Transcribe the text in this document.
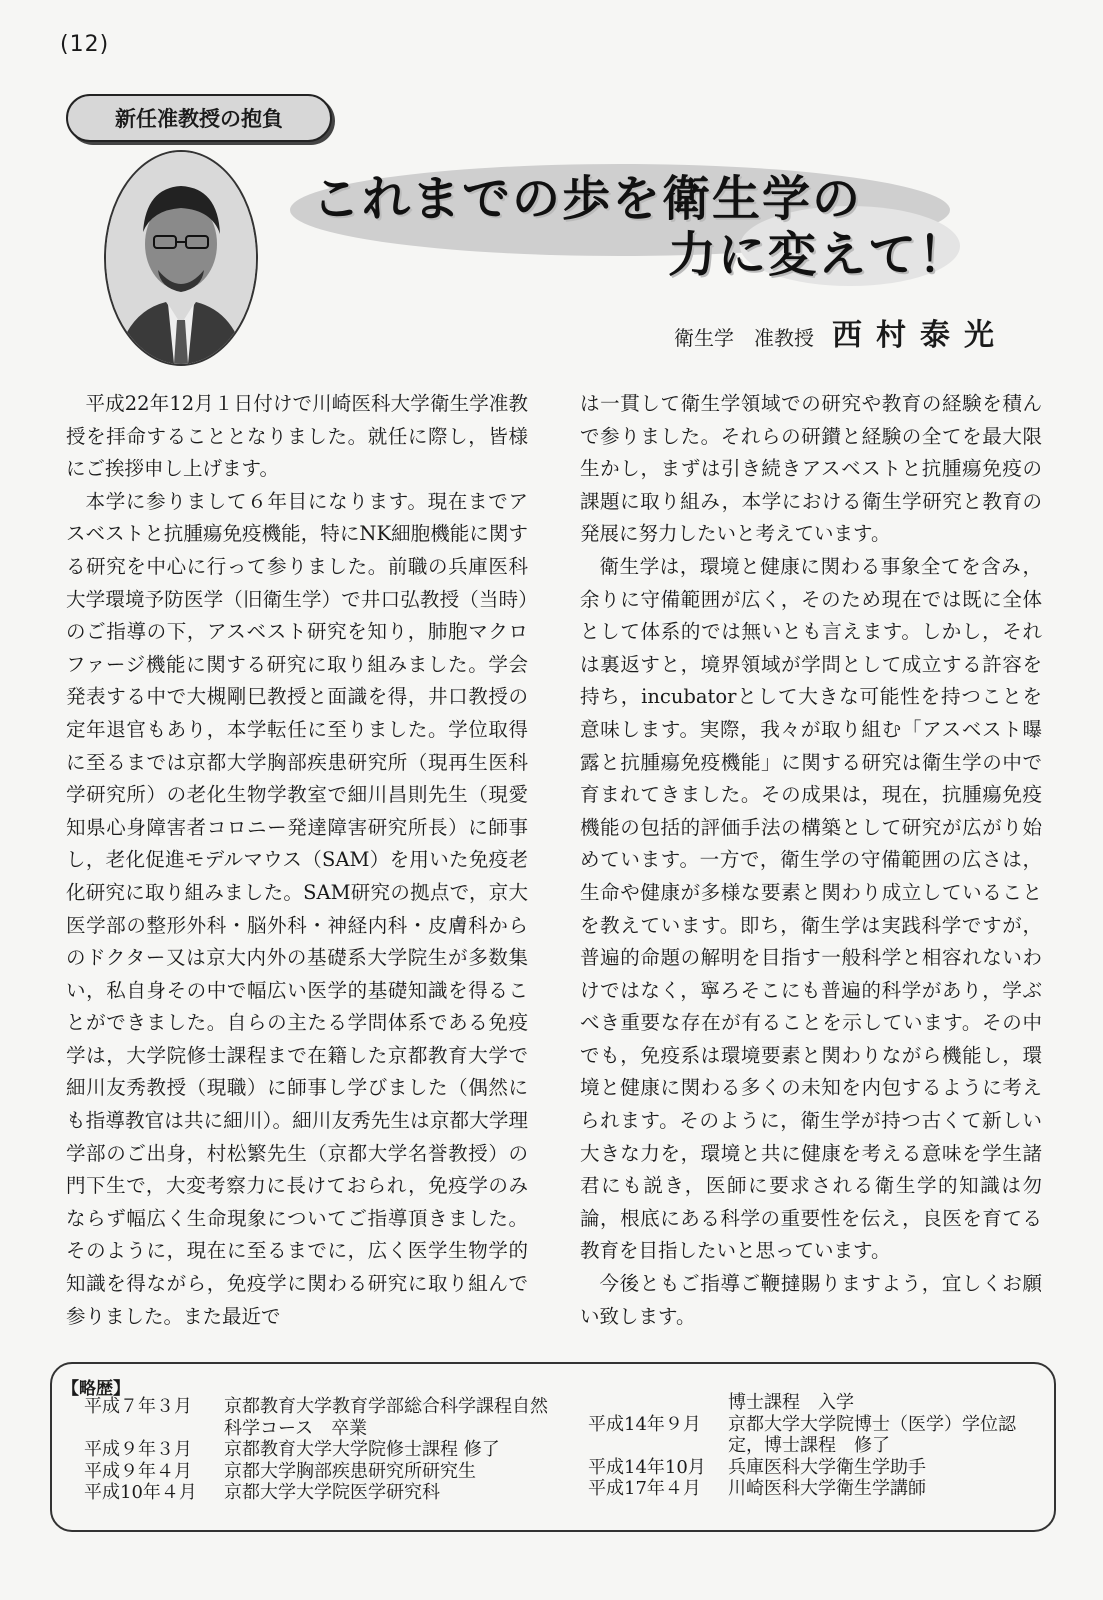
(12)
新任准教授の抱負
これまでの歩を衛生学の
力に変えて！
衛生学　准教授 西村泰光

平成22年12月１日付けで川崎医科大学衛生学准教授を拝命することとなりました。就任に際し，皆様にご挨拶申し上げます。

本学に参りまして６年目になります。現在までアスベストと抗腫瘍免疫機能，特にNK細胞機能に関する研究を中心に行って参りました。前職の兵庫医科大学環境予防医学（旧衛生学）で井口弘教授（当時）のご指導の下，アスベスト研究を知り，肺胞マクロファージ機能に関する研究に取り組みました。学会発表する中で大槻剛巳教授と面識を得，井口教授の定年退官もあり，本学転任に至りました。学位取得に至るまでは京都大学胸部疾患研究所（現再生医科学研究所）の老化生物学教室で細川昌則先生（現愛知県心身障害者コロニー発達障害研究所長）に師事し，老化促進モデルマウス（SAM）を用いた免疫老化研究に取り組みました。SAM研究の拠点で，京大医学部の整形外科・脳外科・神経内科・皮膚科からのドクター又は京大内外の基礎系大学院生が多数集い，私自身その中で幅広い医学的基礎知識を得ることができました。自らの主たる学問体系である免疫学は，大学院修士課程まで在籍した京都教育大学で細川友秀教授（現職）に師事し学びました（偶然にも指導教官は共に細川）。細川友秀先生は京都大学理学部のご出身，村松繁先生（京都大学名誉教授）の門下生で，大変考察力に長けておられ，免疫学のみならず幅広く生命現象についてご指導頂きました。そのように，現在に至るまでに，広く医学生物学的知識を得ながら，免疫学に関わる研究に取り組んで参りました。また最近で

は一貫して衛生学領域での研究や教育の経験を積んで参りました。それらの研鑚と経験の全てを最大限生かし，まずは引き続きアスベストと抗腫瘍免疫の課題に取り組み，本学における衛生学研究と教育の発展に努力したいと考えています。

衛生学は，環境と健康に関わる事象全てを含み，余りに守備範囲が広く，そのため現在では既に全体として体系的では無いとも言えます。しかし，それは裏返すと，境界領域が学問として成立する許容を持ち，incubatorとして大きな可能性を持つことを意味します。実際，我々が取り組む「アスベスト曝露と抗腫瘍免疫機能」に関する研究は衛生学の中で育まれてきました。その成果は，現在，抗腫瘍免疫機能の包括的評価手法の構築として研究が広がり始めています。一方で，衛生学の守備範囲の広さは，生命や健康が多様な要素と関わり成立していることを教えています。即ち，衛生学は実践科学ですが，普遍的命題の解明を目指す一般科学と相容れないわけではなく，寧ろそこにも普遍的科学があり，学ぶべき重要な存在が有ることを示しています。その中でも，免疫系は環境要素と関わりながら機能し，環境と健康に関わる多くの未知を内包するように考えられます。そのように，衛生学が持つ古くて新しい大きな力を，環境と共に健康を考える意味を学生諸君にも説き，医師に要求される衛生学的知識は勿論，根底にある科学の重要性を伝え，良医を育てる教育を目指したいと思っています。

今後ともご指導ご鞭撻賜りますよう，宜しくお願い致します。

【略歴】
平成７年３月	京都教育大学教育学部総合科学課程自然科学コース　卒業
平成９年３月	京都教育大学大学院修士課程 修了
平成９年４月	京都大学胸部疾患研究所研究生
平成10年４月	京都大学大学院医学研究科
博士課程　入学
平成14年９月	京都大学大学院博士（医学）学位認定，博士課程　修了
平成14年10月	兵庫医科大学衛生学助手
平成17年４月	川崎医科大学衛生学講師
